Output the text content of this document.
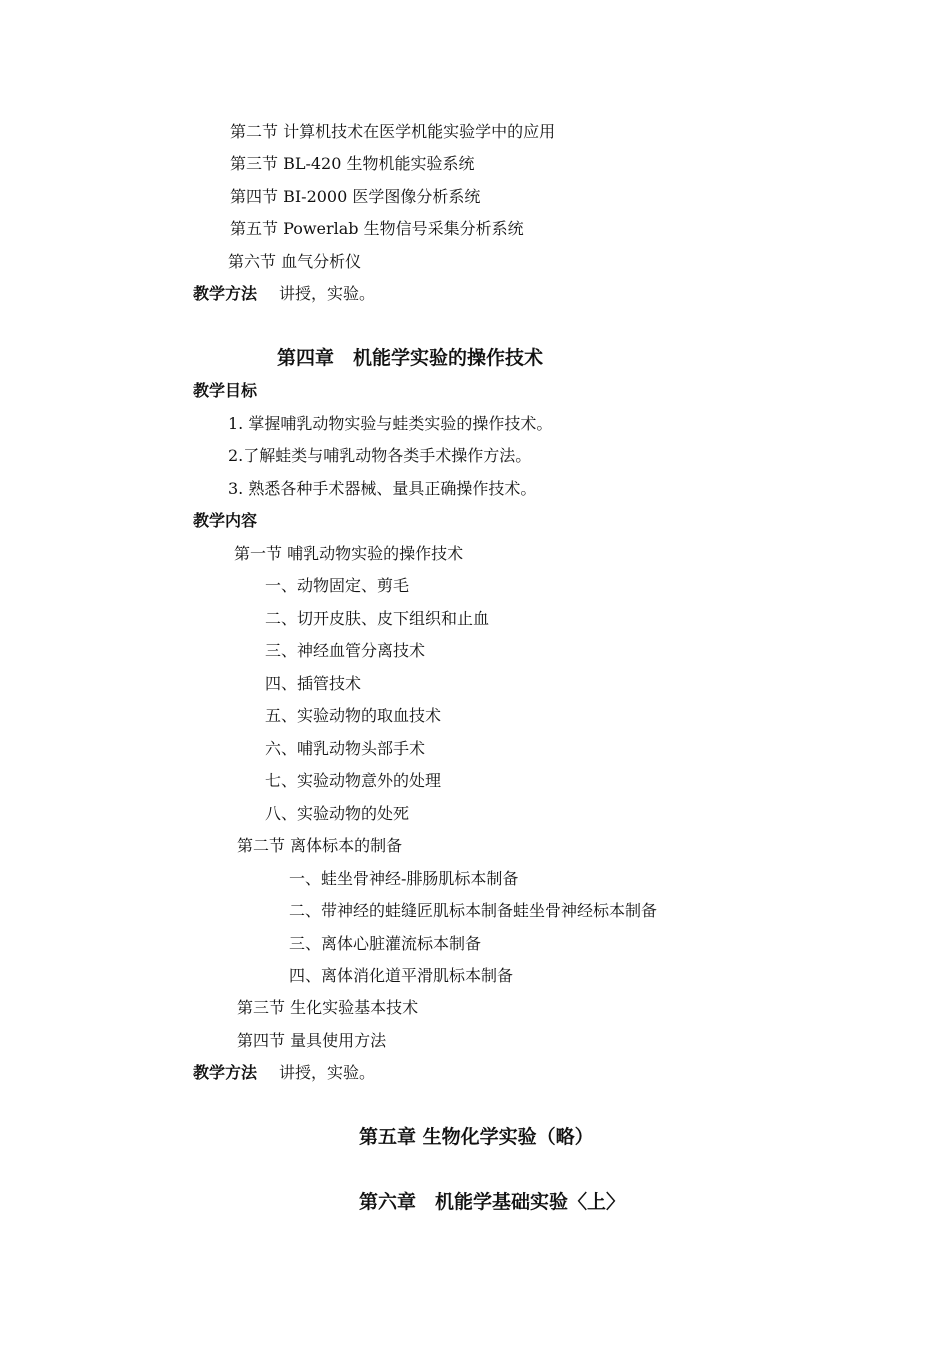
第二节 计算机技术在医学机能实验学中的应用
第三节 BL-420 生物机能实验系统
第四节 BI-2000 医学图像分析系统
第五节 Powerlab 生物信号采集分析系统
第六节 血气分析仪
教学方法 讲授，实验。
第四章　机能学实验的操作技术
教学目标
1. 掌握哺乳动物实验与蛙类实验的操作技术。
2.了解蛙类与哺乳动物各类手术操作方法。
3. 熟悉各种手术器械、量具正确操作技术。
教学内容
第一节 哺乳动物实验的操作技术
一、动物固定、剪毛
二、切开皮肤、皮下组织和止血
三、神经血管分离技术
四、插管技术
五、实验动物的取血技术
六、哺乳动物头部手术
七、实验动物意外的处理
八、实验动物的处死
第二节 离体标本的制备
一、蛙坐骨神经-腓肠肌标本制备
二、带神经的蛙缝匠肌标本制备蛙坐骨神经标本制备
三、离体心脏灌流标本制备
四、离体消化道平滑肌标本制备
第三节 生化实验基本技术
第四节 量具使用方法
教学方法 讲授，实验。
第五章 生物化学实验（略）
第六章　机能学基础实验〈上〉
